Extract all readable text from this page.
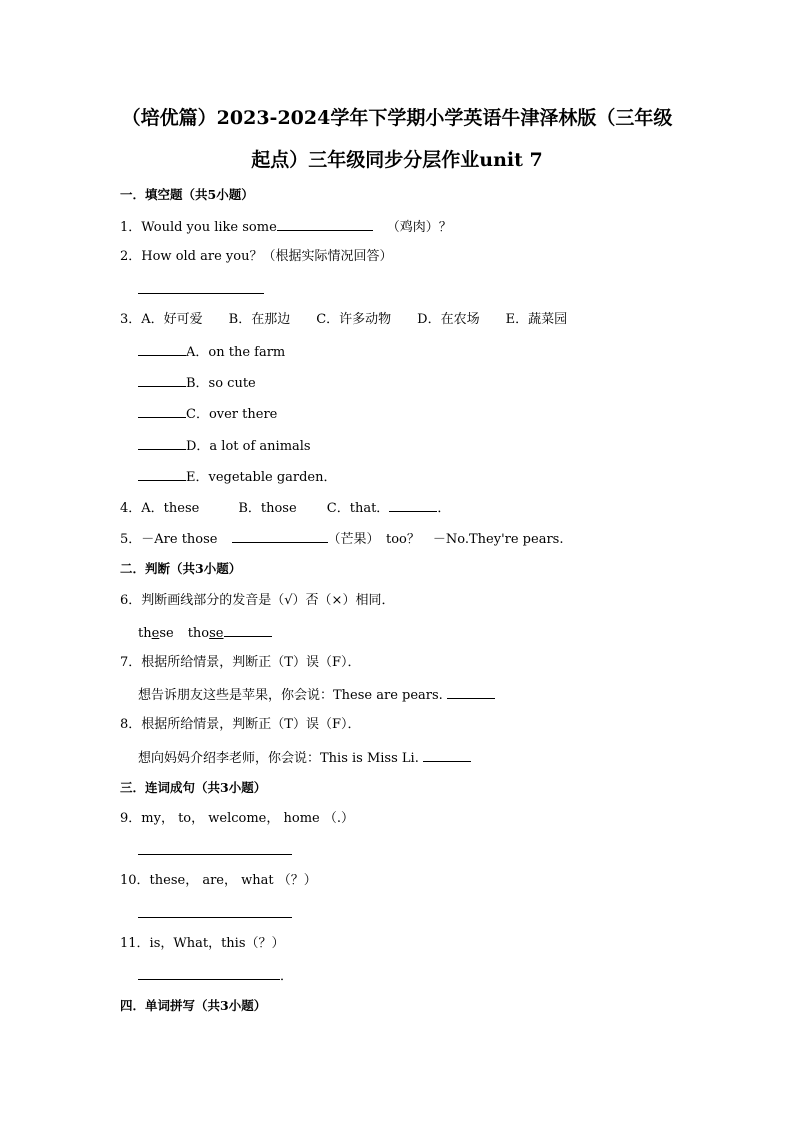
（培优篇）2023-2024学年下学期小学英语牛津泽林版（三年级
起点）三年级同步分层作业unit 7
一．填空题（共5小题）
1．Would you like some	（鸡肉）？
2．How old are you？（根据实际情况回答）
3．A．好可爱　　B．在那边　　C．许多动物　　D．在农场　　E．蔬菜园
A．on the farm
B．so cute
C．over there
D．a lot of animals
E．vegetable garden．
4．A．these　　　B．those　　 C．that．	．
5．－Are those	（芒果）　too？　－No.They're pears.
二．判断（共3小题）
6．判断画线部分的发音是（√）否（×）相同．
these those
7．根据所给情景，判断正（T）误（F）．
想告诉朋友这些是苹果，你会说：These are pears.
8．根据所给情景，判断正（T）误（F）．
想向妈妈介绍李老师，你会说：This is Miss Li.
三．连词成句（共3小题）
9．my， to， welcome， home （.）
10．these， are， what （？）
11．is，What，this（？）
．
四．单词拼写（共3小题）
